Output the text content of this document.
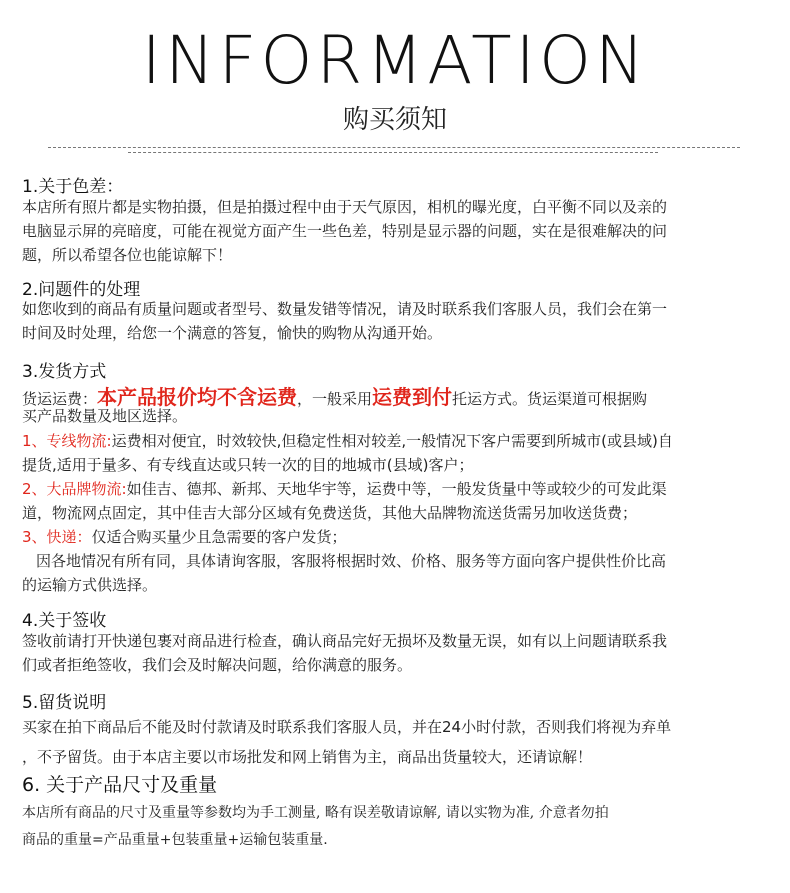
INFORMATION
购买须知
1.关于色差：
本店所有照片都是实物拍摄，但是拍摄过程中由于天气原因，相机的曝光度，白平衡不同以及亲的
电脑显示屏的亮暗度，可能在视觉方面产生一些色差，特别是显示器的问题，实在是很难解决的问
题，所以希望各位也能谅解下！
2.问题件的处理
如您收到的商品有质量问题或者型号、数量发错等情况，请及时联系我们客服人员，我们会在第一
时间及时处理，给您一个满意的答复，愉快的购物从沟通开始。
3.发货方式
货运运费：本产品报价均不含运费，一般采用运费到付托运方式。货运渠道可根据购
买产品数量及地区选择。
1、专线物流:运费相对便宜，时效较快,但稳定性相对较差,一般情况下客户需要到所城市(或县域)自
提货,适用于量多、有专线直达或只转一次的目的地城市(县域)客户；
2、大品牌物流:如佳吉、德邦、新邦、天地华宇等，运费中等，一般发货量中等或较少的可发此渠
道，物流网点固定，其中佳吉大部分区域有免费送货，其他大品牌物流送货需另加收送货费；
3、快递：仅适合购买量少且急需要的客户发货；
因各地情况有所有同，具体请询客服，客服将根据时效、价格、服务等方面向客户提供性价比高
的运输方式供选择。
4.关于签收
签收前请打开快递包裹对商品进行检查，确认商品完好无损坏及数量无误，如有以上问题请联系我
们或者拒绝签收，我们会及时解决问题，给你满意的服务。
5.留货说明
买家在拍下商品后不能及时付款请及时联系我们客服人员，并在24小时付款，否则我们将视为弃单
，不予留货。由于本店主要以市场批发和网上销售为主，商品出货量较大，还请谅解！
6. 关于产品尺寸及重量
本店所有商品的尺寸及重量等参数均为手工测量, 略有误差敬请谅解, 请以实物为准, 介意者勿拍
商品的重量=产品重量+包装重量+运输包装重量.
